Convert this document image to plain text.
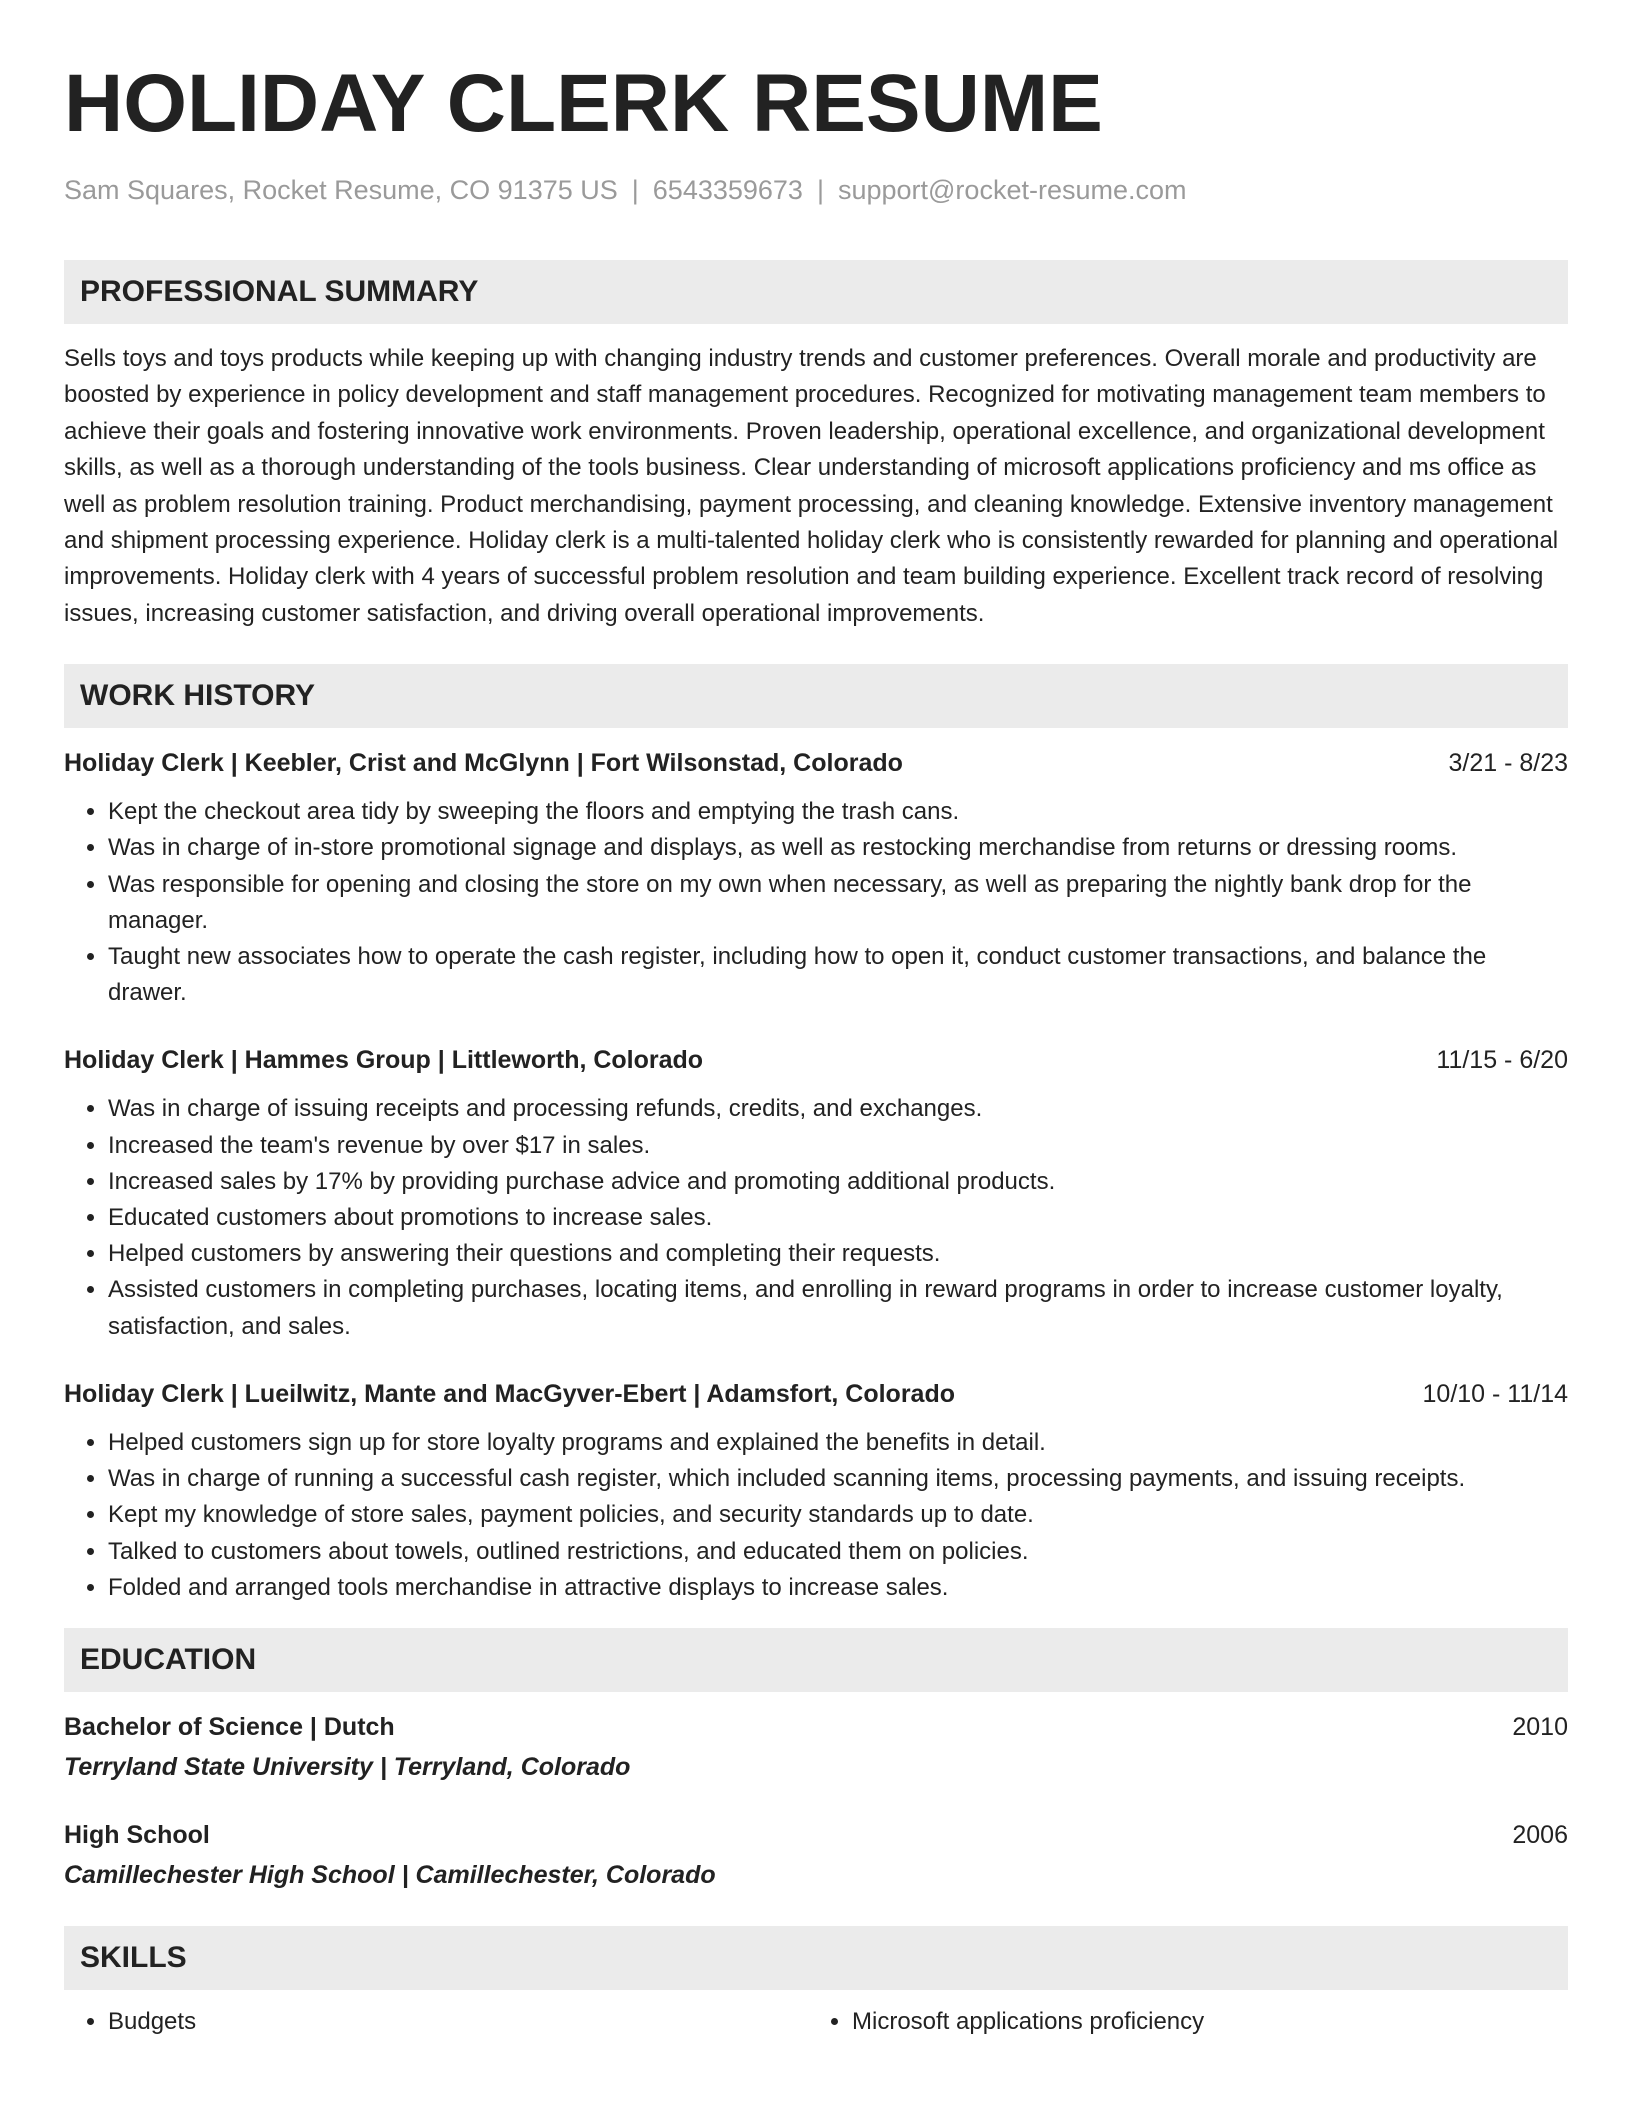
HOLIDAY CLERK RESUME
Sam Squares, Rocket Resume, CO 91375 US | 6543359673 | support@rocket-resume.com
PROFESSIONAL SUMMARY

Sells toys and toys products while keeping up with changing industry trends and customer preferences. Overall morale and productivity are boosted by experience in policy development and staff management procedures. Recognized for motivating management team members to achieve their goals and fostering innovative work environments. Proven leadership, operational excellence, and organizational development skills, as well as a thorough understanding of the tools business. Clear understanding of microsoft applications proficiency and ms office as well as problem resolution training. Product merchandising, payment processing, and cleaning knowledge. Extensive inventory management and shipment processing experience. Holiday clerk is a multi-talented holiday clerk who is consistently rewarded for planning and operational improvements. Holiday clerk with 4 years of successful problem resolution and team building experience. Excellent track record of resolving issues, increasing customer satisfaction, and driving overall operational improvements.

WORK HISTORY
Holiday Clerk | Keebler, Crist and McGlynn | Fort Wilsonstad, Colorado	3/21 - 8/23
• Kept the checkout area tidy by sweeping the floors and emptying the trash cans.
• Was in charge of in-store promotional signage and displays, as well as restocking merchandise from returns or dressing rooms.
• Was responsible for opening and closing the store on my own when necessary, as well as preparing the nightly bank drop for the manager.
• Taught new associates how to operate the cash register, including how to open it, conduct customer transactions, and balance the drawer.
Holiday Clerk | Hammes Group | Littleworth, Colorado	11/15 - 6/20
• Was in charge of issuing receipts and processing refunds, credits, and exchanges.
• Increased the team's revenue by over $17 in sales.
• Increased sales by 17% by providing purchase advice and promoting additional products.
• Educated customers about promotions to increase sales.
• Helped customers by answering their questions and completing their requests.
• Assisted customers in completing purchases, locating items, and enrolling in reward programs in order to increase customer loyalty, satisfaction, and sales.
Holiday Clerk | Lueilwitz, Mante and MacGyver-Ebert | Adamsfort, Colorado	10/10 - 11/14
• Helped customers sign up for store loyalty programs and explained the benefits in detail.
• Was in charge of running a successful cash register, which included scanning items, processing payments, and issuing receipts.
• Kept my knowledge of store sales, payment policies, and security standards up to date.
• Talked to customers about towels, outlined restrictions, and educated them on policies.
• Folded and arranged tools merchandise in attractive displays to increase sales.
EDUCATION
Bachelor of Science | Dutch	2010
Terryland State University | Terryland, Colorado
High School	2006
Camillechester High School | Camillechester, Colorado
SKILLS
• Budgets
•	Microsoft applications proficiency
